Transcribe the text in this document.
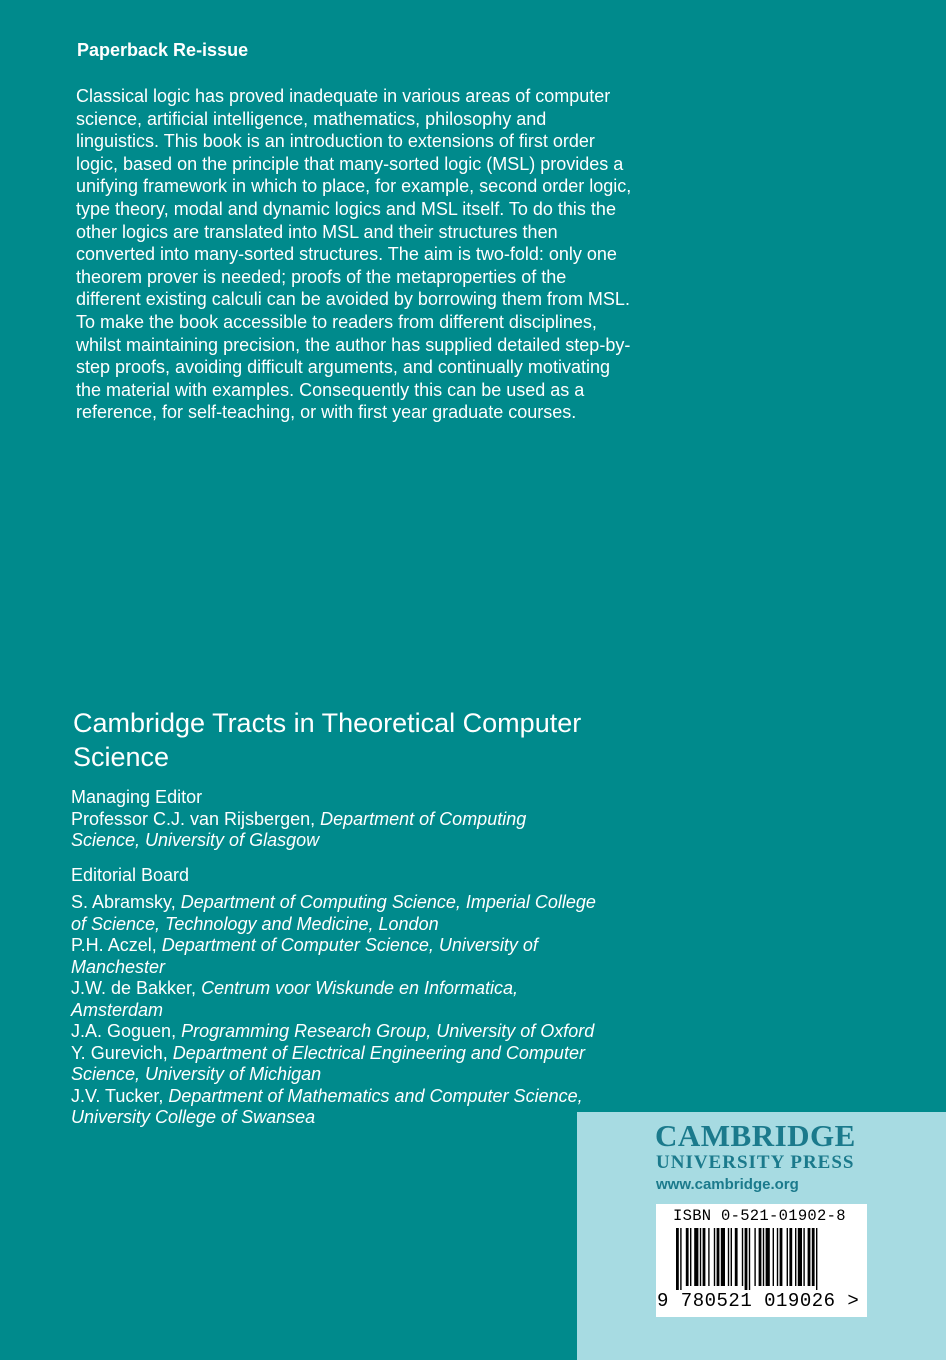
Paperback Re-issue
Classical logic has proved inadequate in various areas of computer science, artificial intelligence, mathematics, philosophy and linguistics. This book is an introduction to extensions of first order logic, based on the principle that many-sorted logic (MSL) provides a unifying framework in which to place, for example, second order logic, type theory, modal and dynamic logics and MSL itself. To do this the other logics are translated into MSL and their structures then converted into many-sorted structures. The aim is two-fold: only one theorem prover is needed; proofs of the metaproperties of the different existing calculi can be avoided by borrowing them from MSL. To make the book accessible to readers from different disciplines, whilst maintaining precision, the author has supplied detailed step-by-step proofs, avoiding difficult arguments, and continually motivating the material with examples. Consequently this can be used as a reference, for self-teaching, or with first year graduate courses.
Cambridge Tracts in Theoretical Computer Science

Managing Editor

Professor C.J. van Rijsbergen, Department of Computing Science, University of Glasgow

Editorial Board

S. Abramsky, Department of Computing Science, Imperial College of Science, Technology and Medicine, London

P.H. Aczel, Department of Computer Science, University of Manchester

J.W. de Bakker, Centrum voor Wiskunde en Informatica, Amsterdam

J.A. Goguen, Programming Research Group, University of Oxford

Y. Gurevich, Department of Electrical Engineering and Computer Science, University of Michigan

J.V. Tucker, Department of Mathematics and Computer Science, University College of Swansea

CAMBRIDGE
UNIVERSITY PRESS
www.cambridge.org
ISBN 0-521-01902-8
9 780521 019026 >
